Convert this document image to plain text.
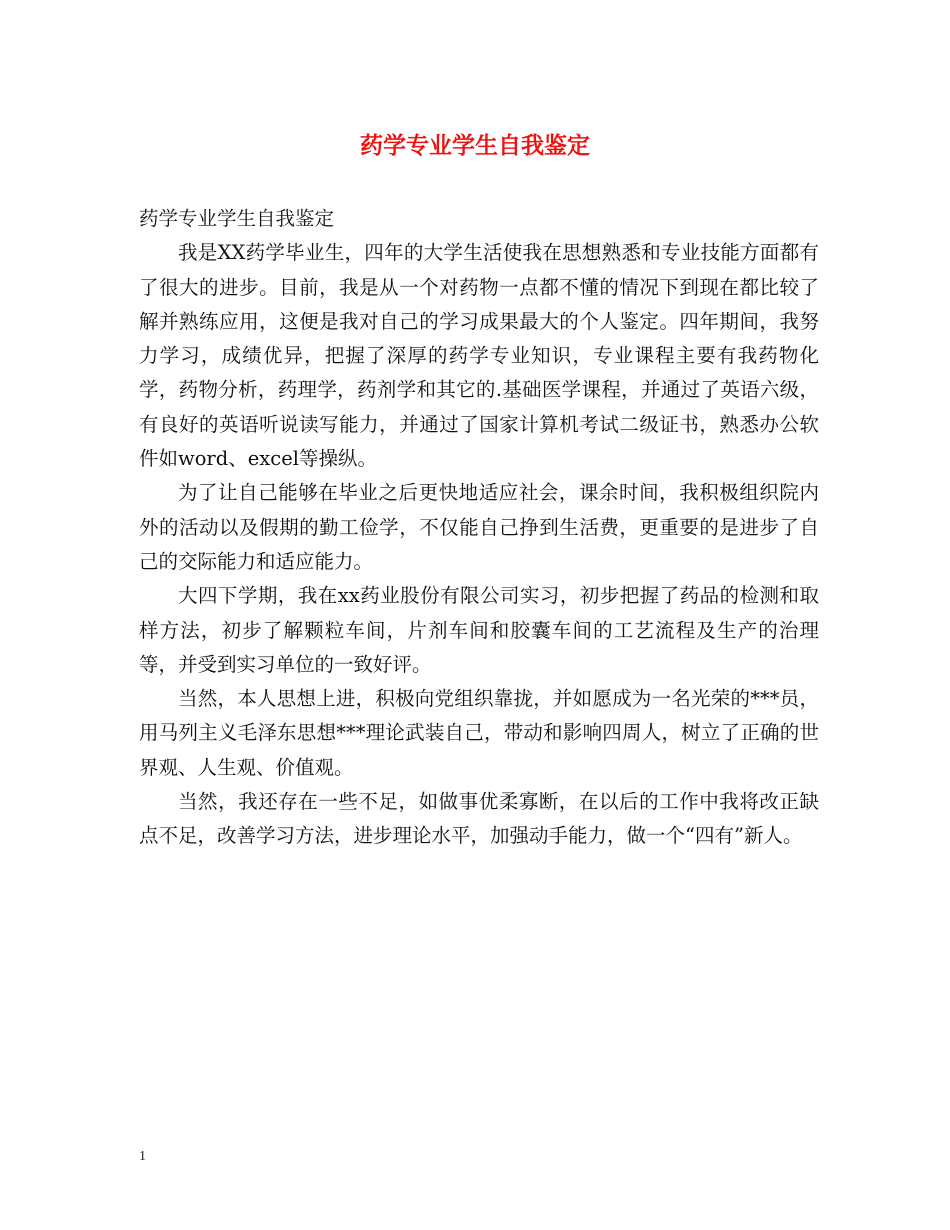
药学专业学生自我鉴定

药学专业学生自我鉴定

我是XX药学毕业生，四年的大学生活使我在思想熟悉和专业技能方面都有了很大的进步。目前，我是从一个对药物一点都不懂的情况下到现在都比较了解并熟练应用，这便是我对自己的学习成果最大的个人鉴定。四年期间，我努力学习，成绩优异，把握了深厚的药学专业知识，专业课程主要有我药物化学，药物分析，药理学，药剂学和其它的.基础医学课程，并通过了英语六级，有良好的英语听说读写能力，并通过了国家计算机考试二级证书，熟悉办公软件如word、excel等操纵。

为了让自己能够在毕业之后更快地适应社会，课余时间，我积极组织院内外的活动以及假期的勤工俭学，不仅能自己挣到生活费，更重要的是进步了自己的交际能力和适应能力。

大四下学期，我在xx药业股份有限公司实习，初步把握了药品的检测和取样方法，初步了解颗粒车间，片剂车间和胶囊车间的工艺流程及生产的治理等，并受到实习单位的一致好评。

当然，本人思想上进，积极向党组织靠拢，并如愿成为一名光荣的***员，用马列主义毛泽东思想***理论武装自己，带动和影响四周人，树立了正确的世界观、人生观、价值观。

当然，我还存在一些不足，如做事优柔寡断，在以后的工作中我将改正缺点不足，改善学习方法，进步理论水平，加强动手能力，做一个“四有”新人。

1
